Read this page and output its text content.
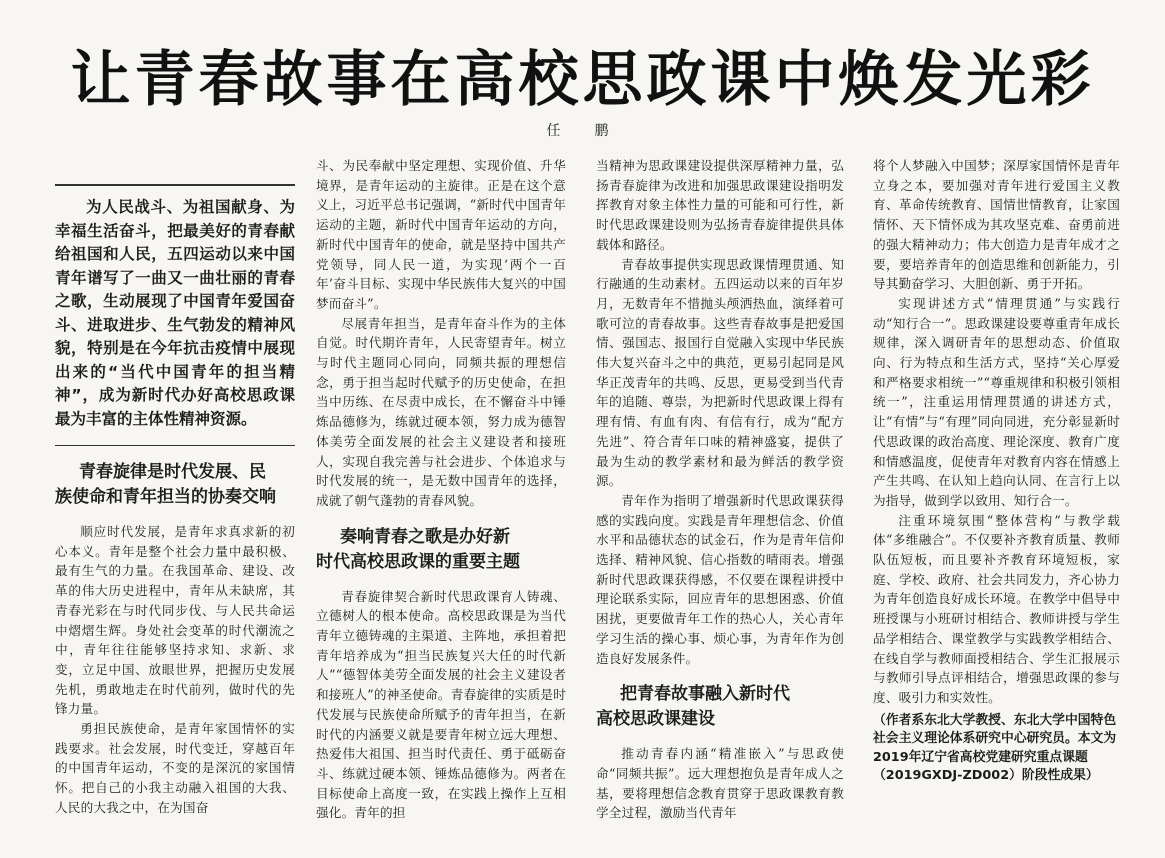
让青春故事在高校思政课中焕发光彩
任　鹏

为人民战斗、为祖国献身、为幸福生活奋斗，把最美好的青春献给祖国和人民，五四运动以来中国青年谱写了一曲又一曲壮丽的青春之歌，生动展现了中国青年爱国奋斗、进取进步、生气勃发的精神风貌，特别是在今年抗击疫情中展现出来的“当代中国青年的担当精神”，成为新时代办好高校思政课最为丰富的主体性精神资源。

青春旋律是时代发展、民
族使命和青年担当的协奏交响

顺应时代发展，是青年求真求新的初心本义。青年是整个社会力量中最积极、最有生气的力量。在我国革命、建设、改革的伟大历史进程中，青年从未缺席，其青春光彩在与时代同步伐、与人民共命运中熠熠生辉。身处社会变革的时代潮流之中，青年往往能够坚持求知、求新、求变，立足中国、放眼世界，把握历史发展先机，勇敢地走在时代前列，做时代的先锋力量。

勇担民族使命，是青年家国情怀的实践要求。社会发展，时代变迁，穿越百年的中国青年运动，不变的是深沉的家国情怀。把自己的小我主动融入祖国的大我、人民的大我之中，在为国奋

斗、为民奉献中坚定理想、实现价值、升华境界，是青年运动的主旋律。正是在这个意义上，习近平总书记强调，“新时代中国青年运动的主题，新时代中国青年运动的方向，新时代中国青年的使命，就是坚持中国共产党领导，同人民一道，为实现‘两个一百年’奋斗目标、实现中华民族伟大复兴的中国梦而奋斗”。

尽展青年担当，是青年奋斗作为的主体自觉。时代期许青年，人民寄望青年。树立与时代主题同心同向，同频共振的理想信念，勇于担当起时代赋予的历史使命，在担当中历练、在尽责中成长，在不懈奋斗中锤炼品德修为，练就过硬本领，努力成为德智体美劳全面发展的社会主义建设者和接班人，实现自我完善与社会进步、个体追求与时代发展的统一，是无数中国青年的选择，成就了朝气蓬勃的青春风貌。

奏响青春之歌是办好新
时代高校思政课的重要主题

青春旋律契合新时代思政课育人铸魂、立德树人的根本使命。高校思政课是为当代青年立德铸魂的主渠道、主阵地，承担着把青年培养成为“担当民族复兴大任的时代新人”“德智体美劳全面发展的社会主义建设者和接班人”的神圣使命。青春旋律的实质是时代发展与民族使命所赋予的青年担当，在新时代的内涵要义就是要青年树立远大理想、热爱伟大祖国、担当时代责任、勇于砥砺奋斗、练就过硬本领、锤炼品德修为。两者在目标使命上高度一致，在实践上操作上互相强化。青年的担

当精神为思政课建设提供深厚精神力量，弘扬青春旋律为改进和加强思政课建设指明发挥教育对象主体性力量的可能和可行性，新时代思政课建设则为弘扬青春旋律提供具体载体和路径。

青春故事提供实现思政课情理贯通、知行融通的生动素材。五四运动以来的百年岁月，无数青年不惜抛头颅洒热血，演绎着可歌可泣的青春故事。这些青春故事是把爱国情、强国志、报国行自觉融入实现中华民族伟大复兴奋斗之中的典范，更易引起同是风华正茂青年的共鸣、反思，更易受到当代青年的追随、尊崇，为把新时代思政课上得有理有情、有血有肉、有信有行，成为“配方先进”、符合青年口味的精神盛宴，提供了最为生动的教学素材和最为鲜活的教学资源。

青年作为指明了增强新时代思政课获得感的实践向度。实践是青年理想信念、价值水平和品德状态的试金石，作为是青年信仰选择、精神风貌、信心指数的晴雨表。增强新时代思政课获得感，不仅要在课程讲授中理论联系实际，回应青年的思想困惑、价值困扰，更要做青年工作的热心人，关心青年学习生活的操心事、烦心事，为青年作为创造良好发展条件。

把青春故事融入新时代
高校思政课建设

推动青春内涵“精准嵌入”与思政使命“同频共振”。远大理想抱负是青年成人之基，要将理想信念教育贯穿于思政课教育教学全过程，激励当代青年

将个人梦融入中国梦；深厚家国情怀是青年立身之本，要加强对青年进行爱国主义教育、革命传统教育、国情世情教育，让家国情怀、天下情怀成为其攻坚克难、奋勇前进的强大精神动力；伟大创造力是青年成才之要，要培养青年的创造思维和创新能力，引导其勤奋学习、大胆创新、勇于开拓。

实现讲述方式“情理贯通”与实践行动“知行合一”。思政课建设要尊重青年成长规律，深入调研青年的思想动态、价值取向、行为特点和生活方式，坚持“关心厚爱和严格要求相统一”“尊重规律和积极引领相统一”，注重运用情理贯通的讲述方式，让“有情”与“有理”同向同进，充分彰显新时代思政课的政治高度、理论深度、教育广度和情感温度，促使青年对教育内容在情感上产生共鸣、在认知上趋向认同、在言行上以为指导，做到学以致用、知行合一。

注重环境氛围“整体营构”与教学载体“多维融合”。不仅要补齐教育质量、教师队伍短板，而且要补齐教育环境短板，家庭、学校、政府、社会共同发力，齐心协力为青年创造良好成长环境。在教学中倡导中班授课与小班研讨相结合、教师讲授与学生品学相结合、课堂教学与实践教学相结合、在线自学与教师面授相结合、学生汇报展示与教师引导点评相结合，增强思政课的参与度、吸引力和实效性。

（作者系东北大学教授、东北大学中国特色社会主义理论体系研究中心研究员。本文为2019年辽宁省高校党建研究重点课题（2019GXDJ-ZD002）阶段性成果）
